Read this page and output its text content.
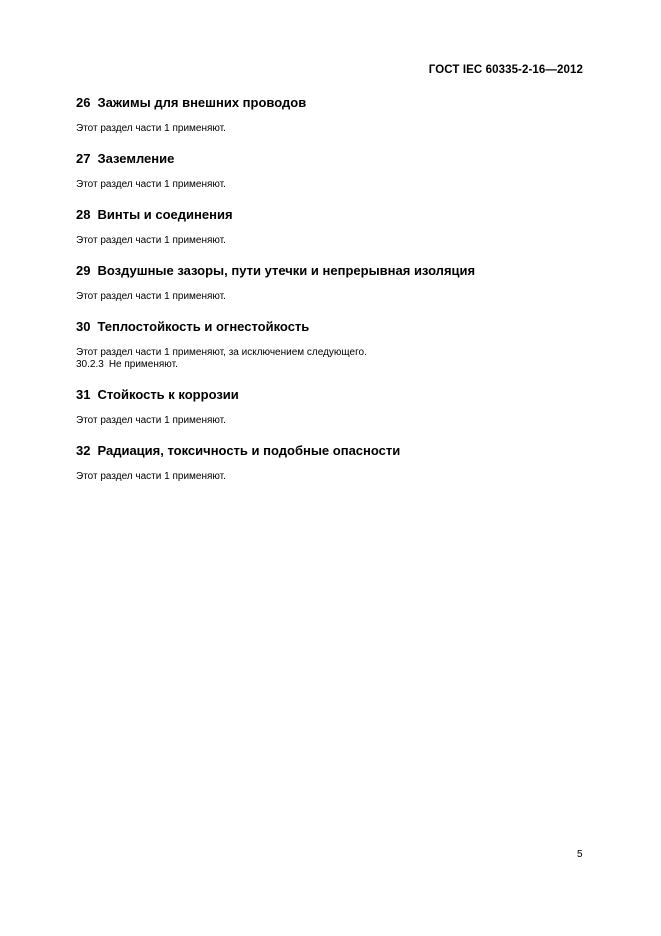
ГОСТ IEC 60335-2-16—2012
26 Зажимы для внешних проводов

Этот раздел части 1 применяют.

27 Заземление

Этот раздел части 1 применяют.

28 Винты и соединения

Этот раздел части 1 применяют.

29 Воздушные зазоры, пути утечки и непрерывная изоляция

Этот раздел части 1 применяют.

30 Теплостойкость и огнестойкость

Этот раздел части 1 применяют, за исключением следующего.

30.2.3 Не применяют.

31 Стойкость к коррозии

Этот раздел части 1 применяют.

32 Радиация, токсичность и подобные опасности

Этот раздел части 1 применяют.

5
